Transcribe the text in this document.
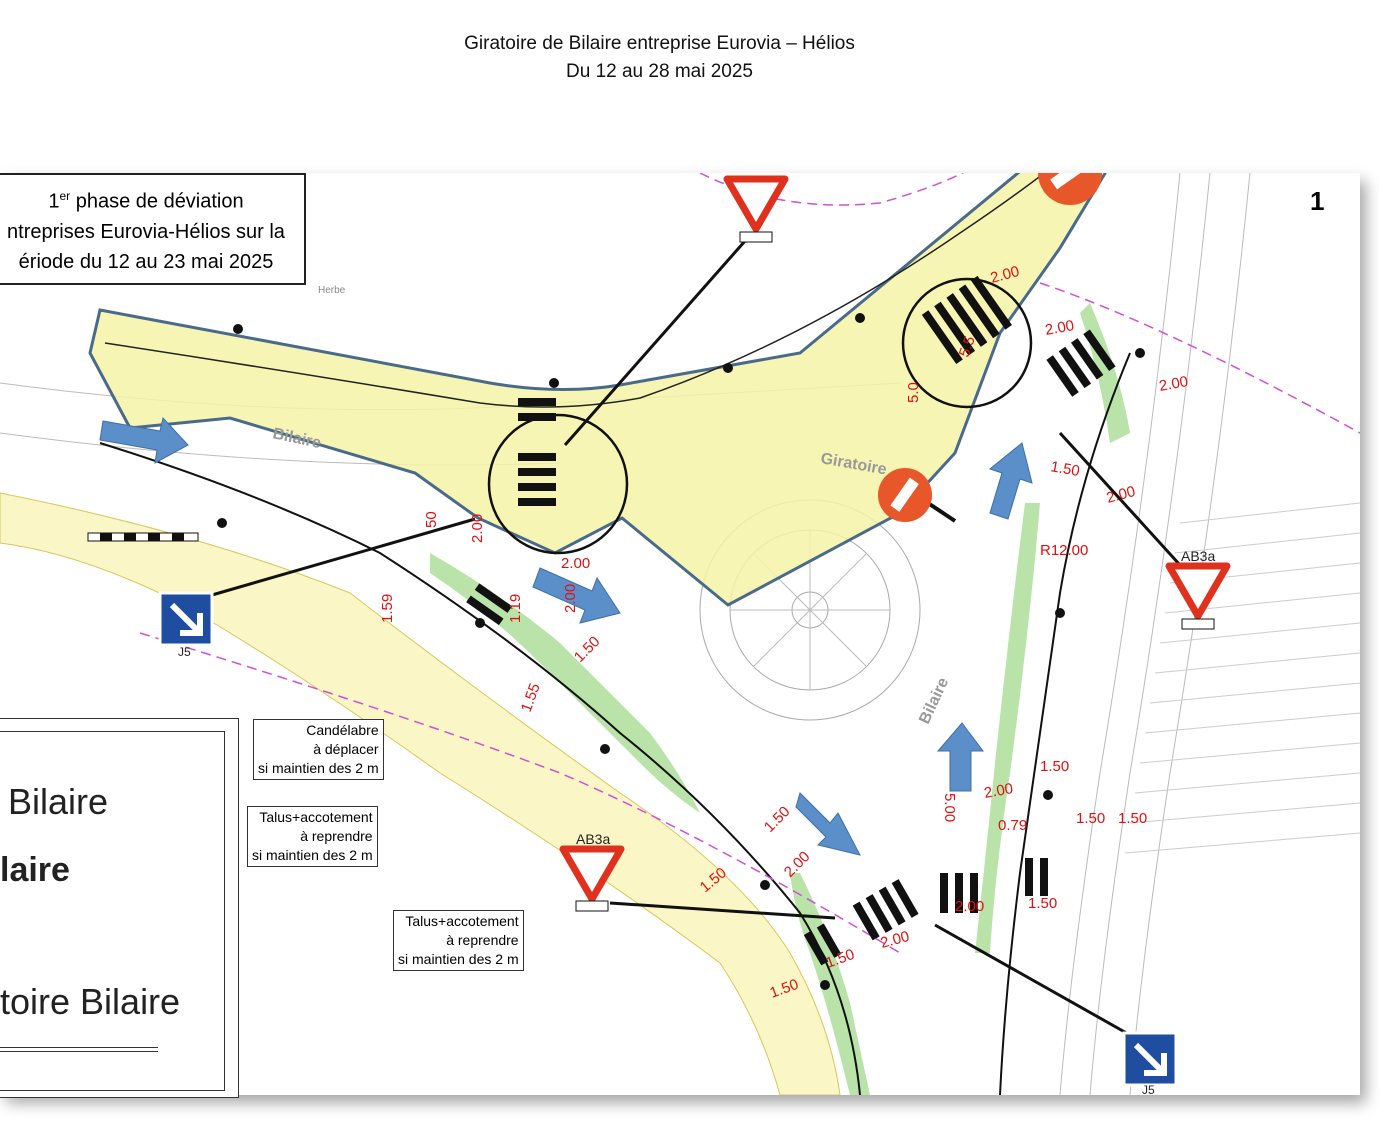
Giratoire de Bilaire entreprise Eurovia – Hélios
Du 12 au 28 mai 2025
Bilaire
Giratoire
Bilaire
Herbe
50 2.00
1.59	1.19
2.00
1.50
1.55
2.00
5.5
5.0
2.00
2.00
2.00
1.50
2.00
R12.00
1.50
2.00
5.00
2.00
1.50
0.79
1.50
1.50
2.00
1.50
2.00
1.50
1.50
1.50
1er phase de déviation
ntreprises Eurovia-Hélios sur la
ériode du 12 au 23 mai 2025
1
Candélabre
à déplacer
si maintien des 2 m
Talus+accotement
à reprendre
si maintien des 2 m
Talus+accotement
à reprendre
si maintien des 2 m
AB3a
AB3a
J5
J5
Bilaire
laire
toire Bilaire
